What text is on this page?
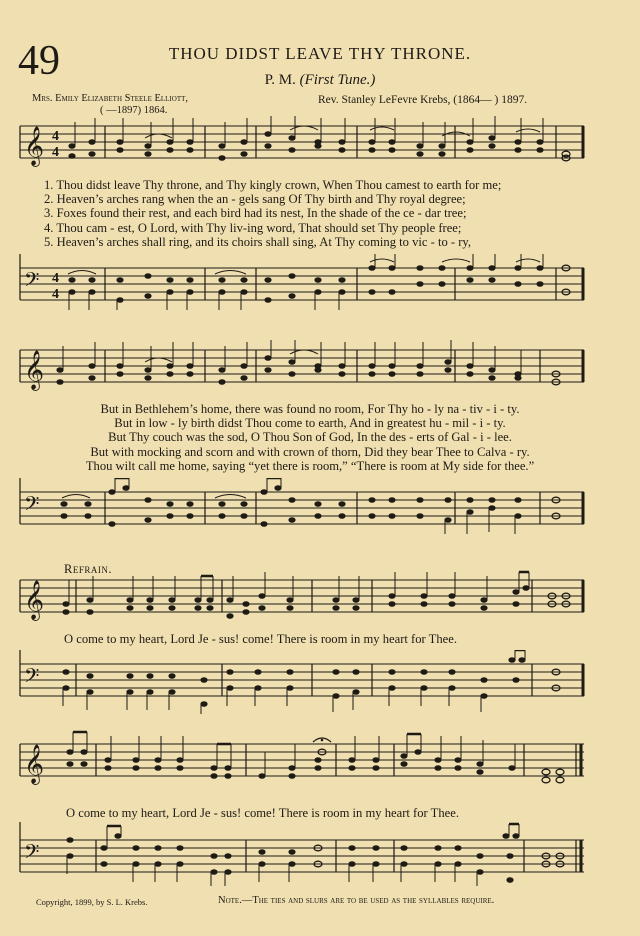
49	THOU DIDST LEAVE THY THRONE.
P. M. (First Tune.)
Mrs. Emily Elizabeth Steele Elliott,
( —1897) 1864.
Rev. Stanley LeFevre Krebs, (1864— ) 1897.
𝄞 4
4
1. Thou didst leave Thy throne, and Thy kingly crown, When Thou camest to earth for me;
2. Heaven’s arches rang when the an - gels sang Of Thy birth and Thy royal degree;
3. Foxes found their rest, and each bird had its nest, In the shade of the ce - dar tree;
4. Thou cam - est, O Lord, with Thy liv-ing word, That should set Thy people free;
5. Heaven’s arches shall ring, and its choirs shall sing, At Thy coming to vic - to - ry,
𝄢 4
4
𝄞
But in Bethlehem’s home, there was found no room, For Thy ho - ly na - tiv - i - ty.
But in low - ly birth didst Thou come to earth, And in greatest hu - mil - i - ty.
But Thy couch was the sod, O Thou Son of God, In the des - erts of Gal - i - lee.
But with mocking and scorn and with crown of thorn, Did they bear Thee to Calva - ry.
Thou wilt call me home, saying “yet there is room,” “There is room at My side for thee.”
𝄢
Refrain.
𝄞
O come to my heart, Lord Je - sus! come! There is room in my heart for Thee.
𝄢
𝄞
O come to my heart, Lord Je - sus! come! There is room in my heart for Thee.
𝄢
Copyright, 1899, by S. L. Krebs.	Note.—The ties and slurs are to be used as the syllables require.
